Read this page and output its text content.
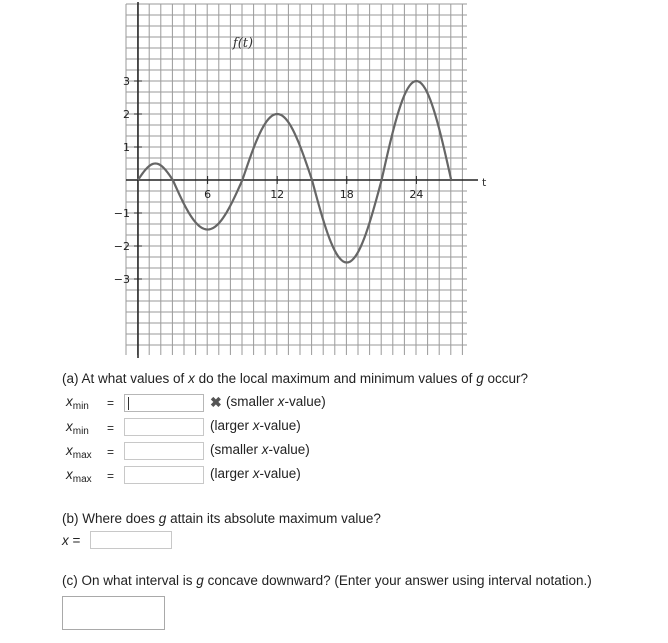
6	12	18	24
3
2
1
−1
−2
−3
f(t)
t
(a) At what values of x do the local maximum and minimum values of g occur?
$x_{min}$ =	✖ (smaller x-value)
$x_{min}$ =	(larger x-value)
$x_{max}$ =	(smaller x-value)
$x_{max}$ =	(larger x-value)
(b) Where does g attain its absolute maximum value?
x =
(c) On what interval is g concave downward? (Enter your answer using interval notation.)
